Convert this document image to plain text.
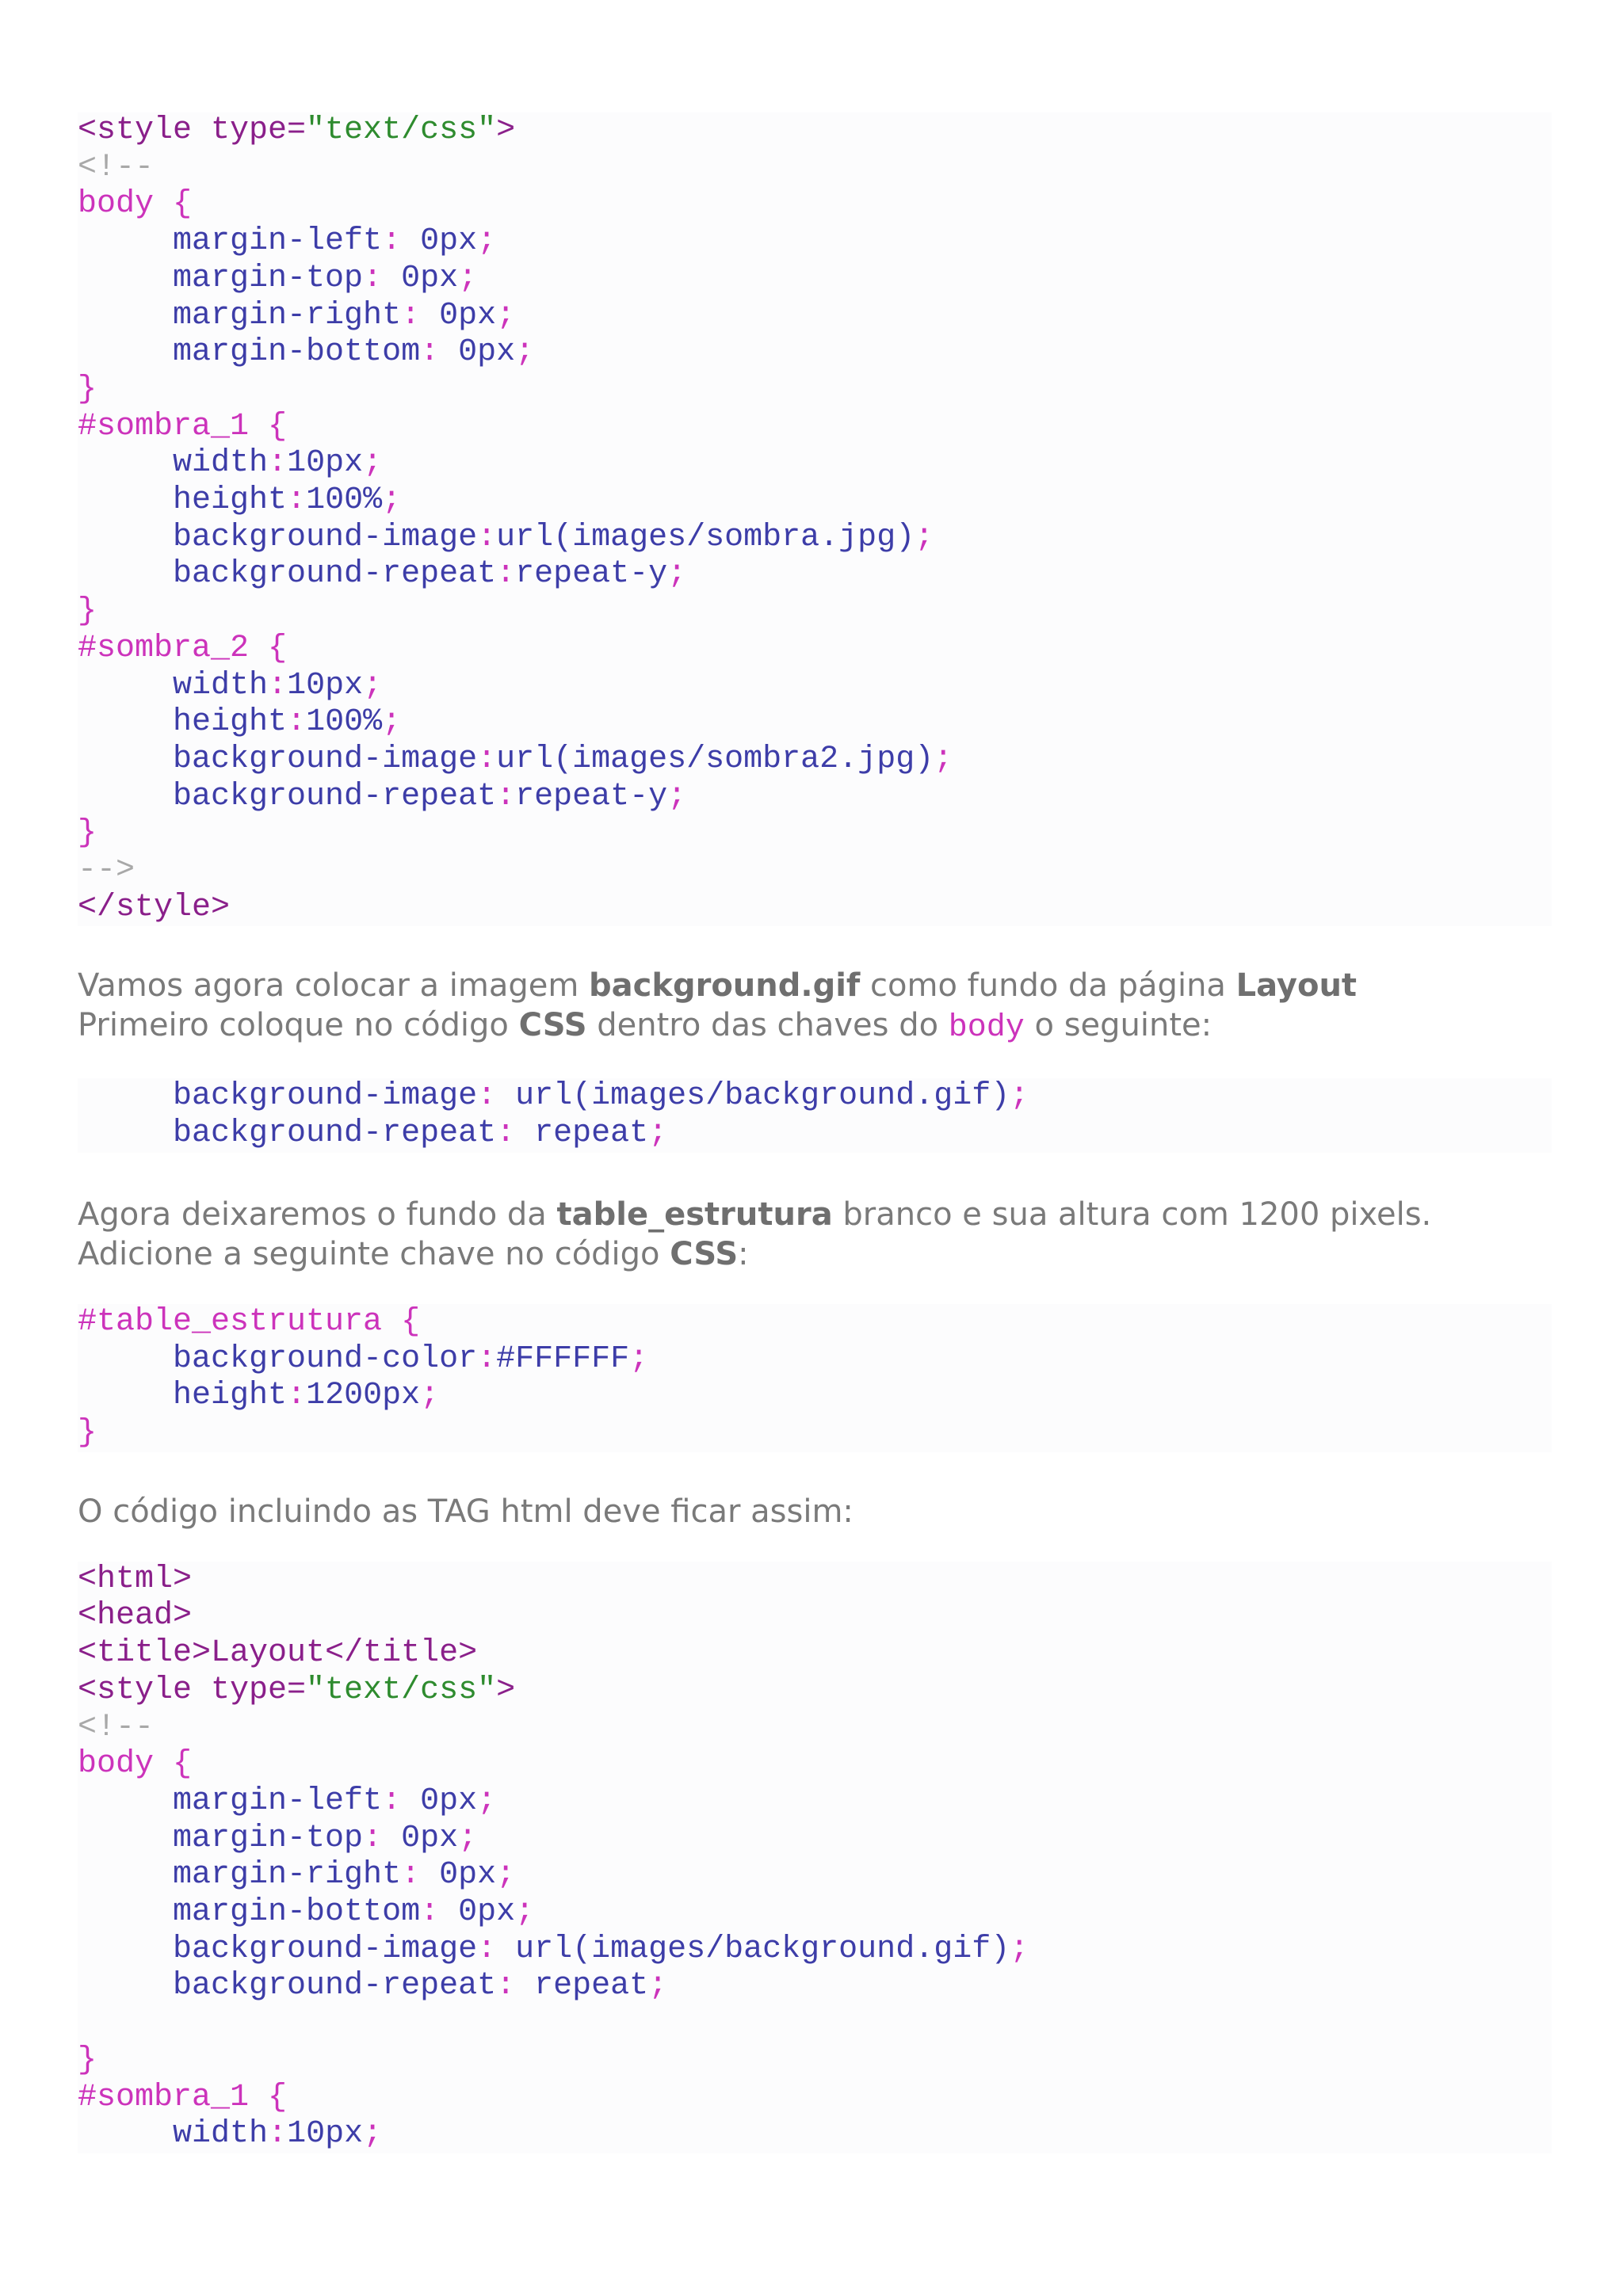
<style type="text/css">
<!--
body {
margin-left: 0px;
margin-top: 0px;
margin-right: 0px;
margin-bottom: 0px;
}
#sombra_1 {
width:10px;
height:100%;
background-image:url(images/sombra.jpg);
background-repeat:repeat-y;
}
#sombra_2 {
width:10px;
height:100%;
background-image:url(images/sombra2.jpg);
background-repeat:repeat-y;
}
-->
</style>
Vamos agora colocar a imagem background.gif como fundo da página Layout
Primeiro coloque no código CSS dentro das chaves do body o seguinte:
background-image: url(images/background.gif);
background-repeat: repeat;
Agora deixaremos o fundo da table_estrutura branco e sua altura com 1200 pixels.
Adicione a seguinte chave no código CSS:
#table_estrutura {
background-color:#FFFFFF;
height:1200px;
}
O código incluindo as TAG html deve ficar assim:
<html>
<head>
<title>Layout</title>
<style type="text/css">
<!--
body {
margin-left: 0px;
margin-top: 0px;
margin-right: 0px;
margin-bottom: 0px;
background-image: url(images/background.gif);
background-repeat: repeat;
}
#sombra_1 {
width:10px;
